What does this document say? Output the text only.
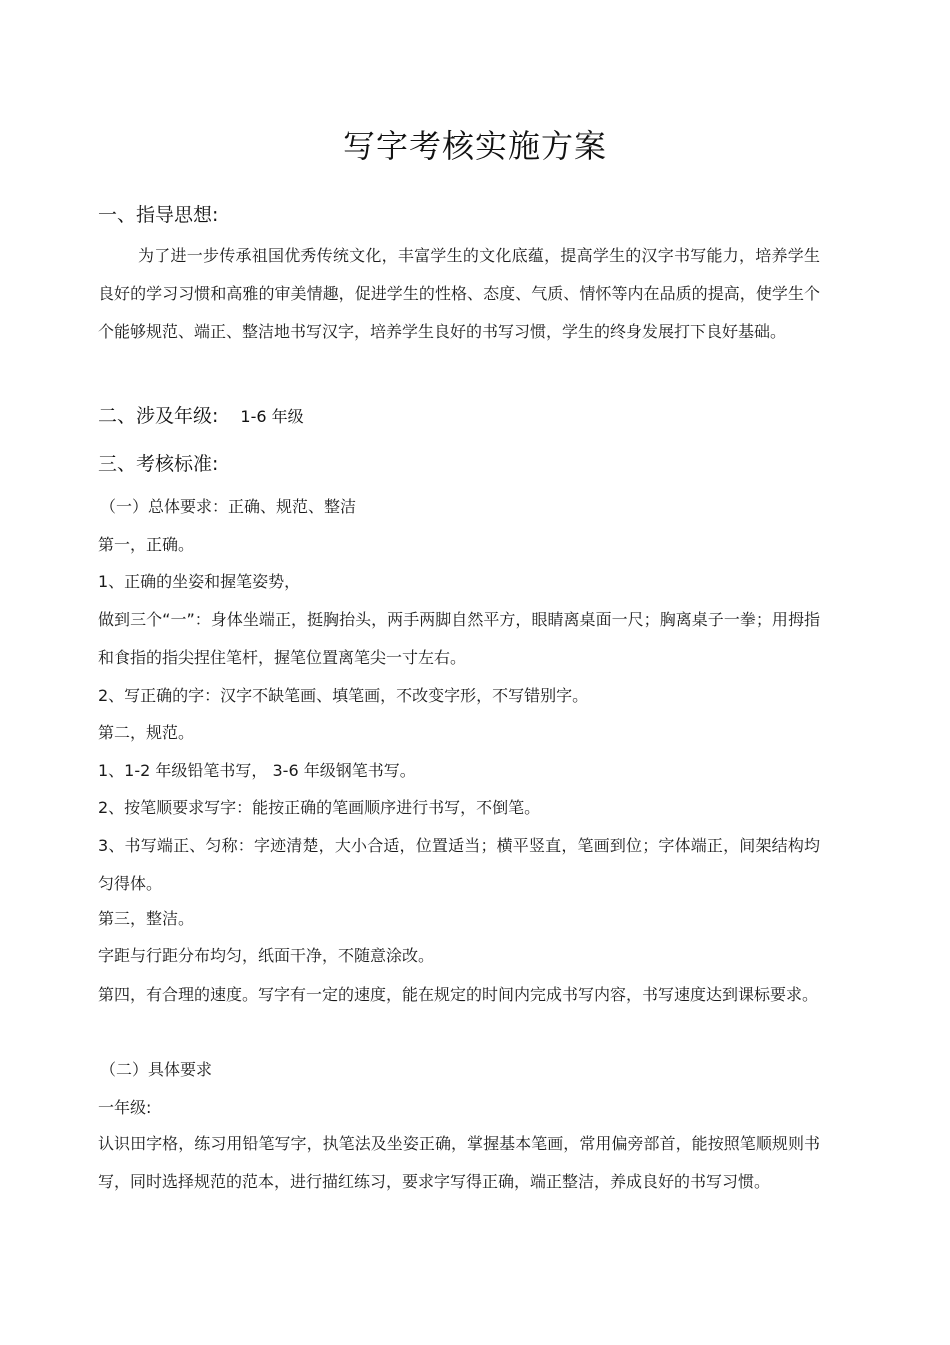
写字考核实施方案
一、指导思想:
为了进一步传承祖国优秀传统文化，丰富学生的文化底蕴，提高学生的汉字书写能力，培养学生良好的学习习惯和高雅的审美情趣，促进学生的性格、态度、气质、情怀等内在品质的提高，使学生个个能够规范、端正、整洁地书写汉字，培养学生良好的书写习惯，学生的终身发展打下良好基础。
二、涉及年级: 1-6 年级
三、考核标准:
（一）总体要求：正确、规范、整洁
第一，正确。
1、正确的坐姿和握笔姿势，
做到三个“一”：身体坐端正，挺胸抬头，两手两脚自然平方，眼睛离桌面一尺；胸离桌子一拳；用拇指和食指的指尖捏住笔杆，握笔位置离笔尖一寸左右。
2、写正确的字：汉字不缺笔画、填笔画，不改变字形，不写错别字。
第二，规范。
1、1-2 年级铅笔书写， 3-6 年级钢笔书写。
2、按笔顺要求写字：能按正确的笔画顺序进行书写，不倒笔。
3、书写端正、匀称：字迹清楚，大小合适，位置适当；横平竖直，笔画到位；字体端正，间架结构均匀得体。
第三，整洁。
字距与行距分布均匀，纸面干净，不随意涂改。
第四，有合理的速度。写字有一定的速度，能在规定的时间内完成书写内容，书写速度达到课标要求。
（二）具体要求
一年级:
认识田字格，练习用铅笔写字，执笔法及坐姿正确，掌握基本笔画，常用偏旁部首，能按照笔顺规则书写，同时选择规范的范本，进行描红练习，要求字写得正确，端正整洁，养成良好的书写习惯。
